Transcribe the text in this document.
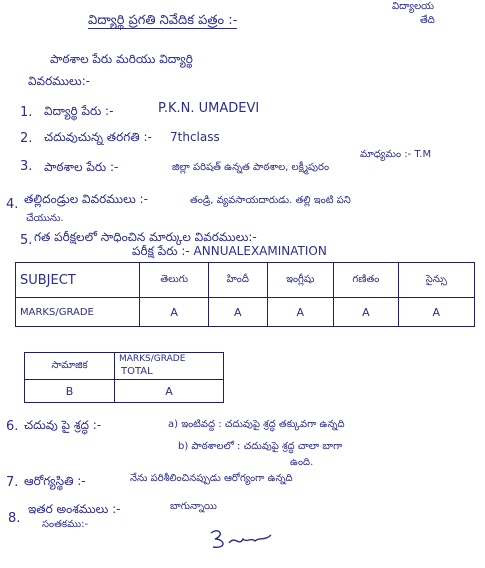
విద్యాలయ
తేది
విద్యార్థి ప్రగతి నివేదిక పత్రం :-
పాఠశాల పేరు మరియు విద్యార్థి
వివరములు:-
1. విద్యార్థి పేరు :-	P.K.N. UMADEVI
2. చదువుచున్న తరగతి :- 7thclass
మాధ్యమం :- T.M
3. పాఠశాల పేరు :-	జిల్లా పరిషత్ ఉన్నత పాఠశాల, లక్ష్మీపురం
4. తల్లిదండ్రుల వివరములు :-	తండ్రి, వ్యవసాయదారుడు. తల్లి ఇంటి పని
చేయును.
5. గత పరీక్షలలో సాధించిన మార్కుల వివరములు:-
పరీక్ష పేరు :- ANNUALEXAMINATION
SUBJECT	తెలుగు	హిందీ	ఇంగ్లీషు	గణితం	సైన్సు

MARKS/GRADE	A	A	A	A	A
సామాజిక	MARKS/GRADE
TOTAL

B	A
6. చదువు పై శ్రద్ధ :-	a) ఇంటివద్ద : చదువుపై శ్రద్ధ తక్కువగా ఉన్నది
b) పాఠశాలలో : చదువుపై శ్రద్ధ చాలా బాగా
ఉంది.
7. ఆరోగ్యస్థితి :-	నేను పరిశీలించినప్పుడు ఆరోగ్యంగా ఉన్నది
8.
ఇతర అంశములు :-	బాగున్నాయి
సంతకము:-
